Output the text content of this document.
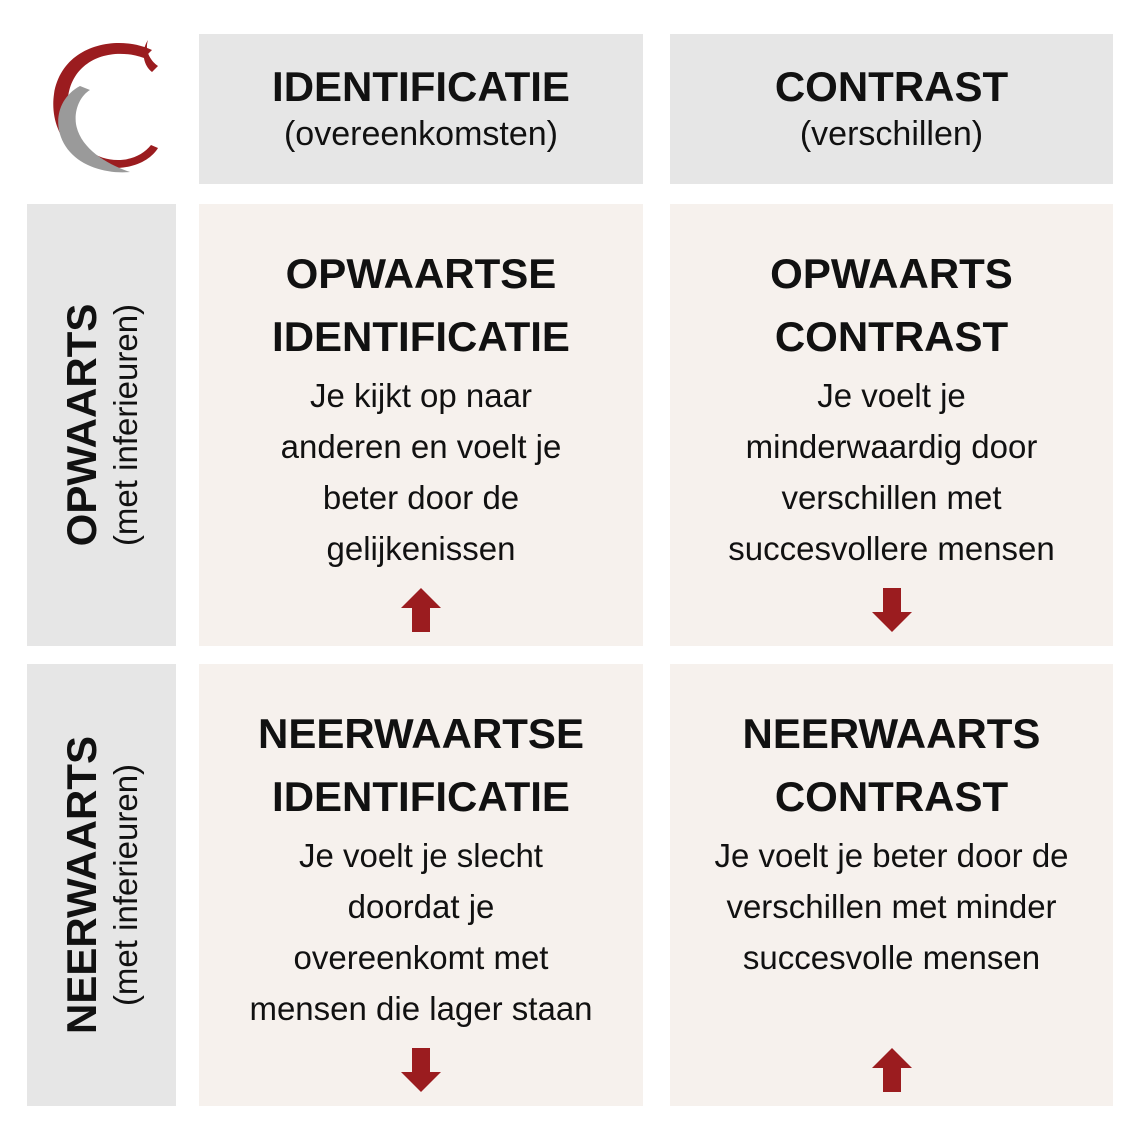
IDENTIFICATIE
(overeenkomsten)
CONTRAST
(verschillen)
OPWAARTS (met inferieuren)
NEERWAARTS (met inferieuren)
OPWAARTSE
IDENTIFICATIE
Je kijkt op naar
anderen en voelt je
beter door de
gelijkenissen
OPWAARTS
CONTRAST
Je voelt je
minderwaardig door
verschillen met
succesvollere mensen
NEERWAARTSE
IDENTIFICATIE
Je voelt je slecht
doordat je
overeenkomt met
mensen die lager staan
NEERWAARTS
CONTRAST
Je voelt je beter door de
verschillen met minder
succesvolle mensen
